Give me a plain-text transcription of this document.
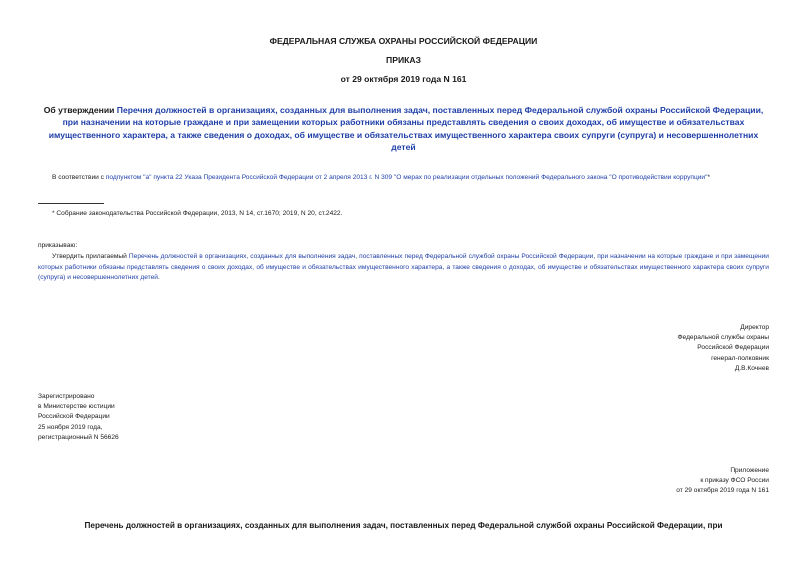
ФЕДЕРАЛЬНАЯ СЛУЖБА ОХРАНЫ РОССИЙСКОЙ ФЕДЕРАЦИИ
ПРИКАЗ
от 29 октября 2019 года N 161
Об утверждении Перечня должностей в организациях, созданных для выполнения задач, поставленных перед Федеральной службой охраны Российской Федерации, при назначении на которые граждане и при замещении которых работники обязаны представлять сведения о своих доходах, об имуществе и обязательствах имущественного характера, а также сведения о доходах, об имуществе и обязательствах имущественного характера своих супруги (супруга) и несовершеннолетних детей
В соответствии с подпунктом "а" пункта 22 Указа Президента Российской Федерации от 2 апреля 2013 г. N 309 "О мерах по реализации отдельных положений Федерального закона "О противодействии коррупции"*
* Собрание законодательства Российской Федерации, 2013, N 14, ст.1670; 2019, N 20, ст.2422.
приказываю:
Утвердить прилагаемый Перечень должностей в организациях, созданных для выполнения задач, поставленных перед Федеральной службой охраны Российской Федерации, при назначении на которые граждане и при замещении которых работники обязаны представлять сведения о своих доходах, об имуществе и обязательствах имущественного характера, а также сведения о доходах, об имуществе и обязательствах имущественного характера своих супруги (супруга) и несовершеннолетних детей.
Директор
Федеральной службы охраны
Российской Федерации
генерал-полковник
Д.В.Кочнев
Зарегистрировано
в Министерстве юстиции
Российской Федерации
25 ноября 2019 года,
регистрационный N 56626
Приложение
к приказу ФСО России
от 29 октября 2019 года N 161
Перечень должностей в организациях, созданных для выполнения задач, поставленных перед Федеральной службой охраны Российской Федерации, при
